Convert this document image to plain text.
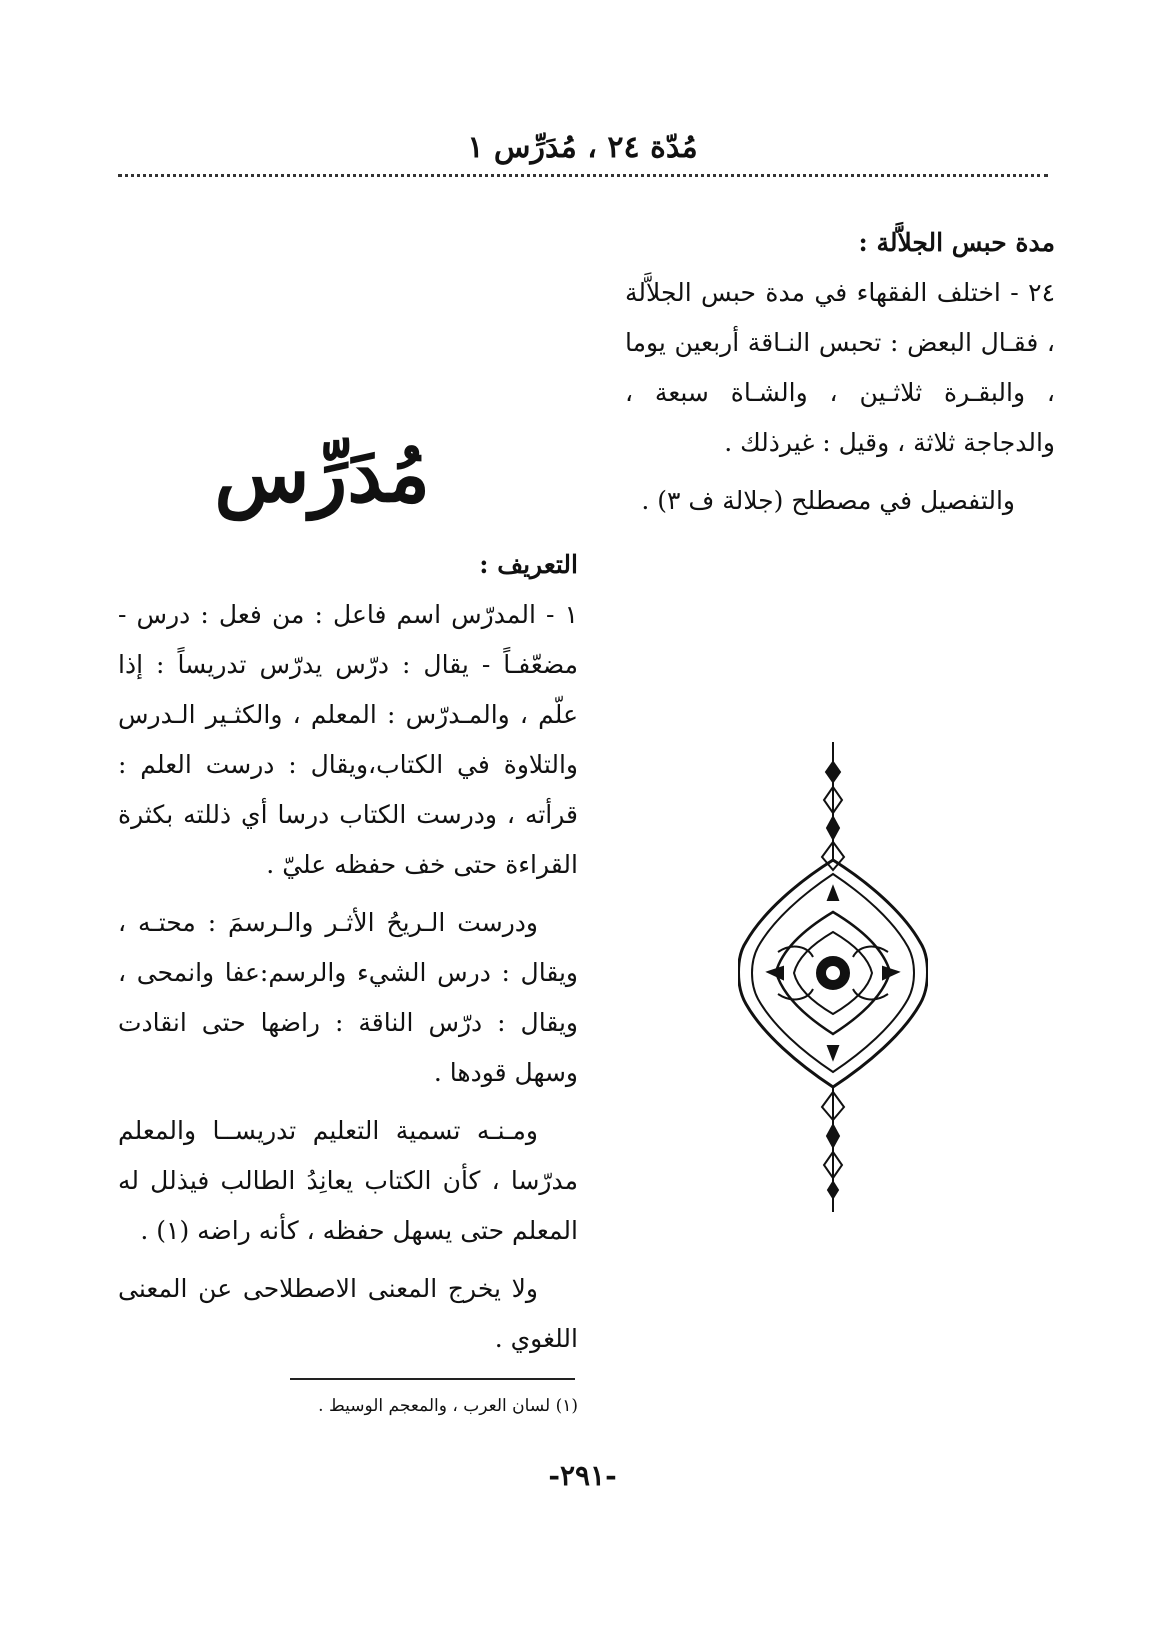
مُدّة ٢٤ ، مُدَرِّس ١

مدة حبس الجلاَّلة :

٢٤ - اختلف الفقهاء في مدة حبس الجلاَّلة ، فقـال البعض : تحبس النـاقة أربعين يوما ، والبقـرة ثلاثـين ، والشـاة سبعة ، والدجاجة ثلاثة ، وقيل : غيرذلك .

والتفصيل في مصطلح (جلالة ف ٣) .

مُدَرِّس

التعريف :

١ - المدرّس اسم فاعل : من فعل : درس - مضعّفـاً - يقال : درّس يدرّس تدريساً : إذا علّم ، والمـدرّس : المعلم ، والكثـير الـدرس والتلاوة في الكتاب،ويقال : درست العلم : قرأته ، ودرست الكتاب درسا أي ذللته بكثرة القراءة حتى خف حفظه عليّ .

ودرست الـريحُ الأثـر والـرسمَ : محتـه ، ويقال : درس الشيء والرسم:عفا وانمحى ، ويقال : درّس الناقة : راضها حتى انقادت وسهل قودها .

ومـنـه تسمية التعليم تدريســا والمعلم مدرّسا ، كأن الكتاب يعانِدُ الطالب فيذلل له المعلم حتى يسهل حفظه ، كأنه راضه (١) .

ولا يخرج المعنى الاصطلاحى عن المعنى اللغوي .

(١) لسان العرب ، والمعجم الوسيط .
-٢٩١-
